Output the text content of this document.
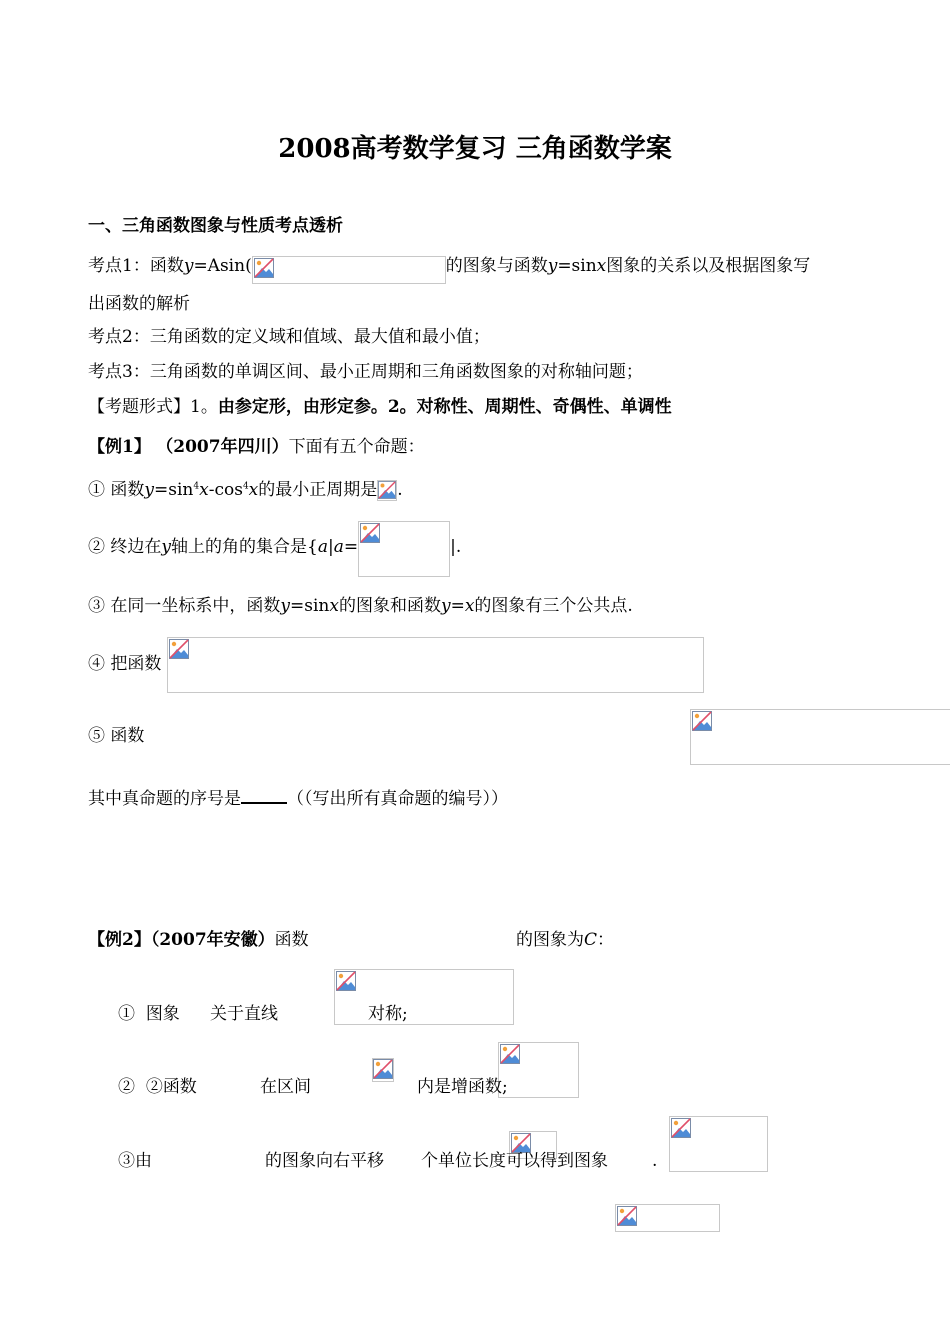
2008高考数学复习 三角函数学案
一、三角函数图象与性质考点透析
考点1：函数y=Asin(	的图象与函数y=sinx图象的关系以及根据图象写
出函数的解析
考点2：三角函数的定义域和值域、最大值和最小值；
考点3：三角函数的单调区间、最小正周期和三角函数图象的对称轴问题；
【考题形式】1。由参定形，由形定参。2。对称性、周期性、奇偶性、单调性
【例1】 （2007年四川）下面有五个命题：
① 函数$y=\sin^4x-\cos^4x$的最小正周期是 .
② 终边在y轴上的角的集合是{a|a=	|.
③ 在同一坐标系中，函数y=sinx的图象和函数y=x的图象有三个公共点.
④ 把函数

⑤ 函数

其中真命题的序号是	（（写出所有真命题的编号））
【例2】（2007年安徽）函数
	的图象为C：
① 图象
关于直线
	对称;
② ②函数
	在区间
	内是增函数;
③由
	的图象向右平移
个单位长度可以得到图象	.
